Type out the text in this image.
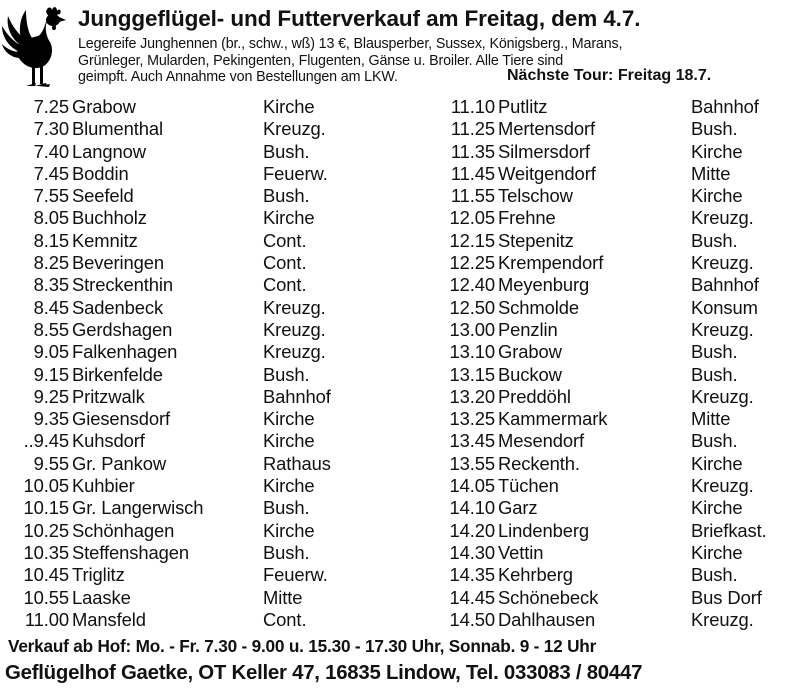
Junggeflügel- und Futterverkauf am Freitag, dem 4.7.
Legereife Junghennen (br., schw., wß) 13 €, Blausperber, Sussex, Königsberg., Marans,
Grünleger, Mularden, Pekingenten, Flugenten, Gänse u. Broiler. Alle Tiere sind
geimpft. Auch Annahme von Bestellungen am LKW.	Nächste Tour: Freitag 18.7.
7.25 Grabow	Kirche
7.30 Blumenthal	Kreuzg.
7.40 Langnow	Bush.
7.45 Boddin	Feuerw.
7.55 Seefeld	Bush.
8.05 Buchholz	Kirche
8.15 Kemnitz	Cont.
8.25 Beveringen	Cont.
8.35 Streckenthin	Cont.
8.45 Sadenbeck	Kreuzg.
8.55 Gerdshagen	Kreuzg.
9.05 Falkenhagen	Kreuzg.
9.15 Birkenfelde	Bush.
9.25 Pritzwalk	Bahnhof
9.35 Giesensdorf	Kirche
..9.45 Kuhsdorf	Kirche
9.55 Gr. Pankow	Rathaus
10.05 Kuhbier	Kirche
10.15 Gr. Langerwisch	Bush.
10.25 Schönhagen	Kirche
10.35 Steffenshagen	Bush.
10.45 Triglitz	Feuerw.
10.55 Laaske	Mitte
11.00 Mansfeld	Cont.
11.10 Putlitz	Bahnhof
11.25 Mertensdorf	Bush.
11.35 Silmersdorf	Kirche
11.45 Weitgendorf	Mitte
11.55 Telschow	Kirche
12.05 Frehne	Kreuzg.
12.15 Stepenitz	Bush.
12.25 Krempendorf	Kreuzg.
12.40 Meyenburg	Bahnhof
12.50 Schmolde	Konsum
13.00 Penzlin	Kreuzg.
13.10 Grabow	Bush.
13.15 Buckow	Bush.
13.20 Preddöhl	Kreuzg.
13.25 Kammermark	Mitte
13.45 Mesendorf	Bush.
13.55 Reckenth.	Kirche
14.05 Tüchen	Kreuzg.
14.10 Garz	Kirche
14.20 Lindenberg	Briefkast.
14.30 Vettin	Kirche
14.35 Kehrberg	Bush.
14.45 Schönebeck	Bus Dorf
14.50 Dahlhausen	Kreuzg.
Verkauf ab Hof: Mo. - Fr. 7.30 - 9.00 u. 15.30 - 17.30 Uhr, Sonnab. 9 - 12 Uhr
Geflügelhof Gaetke, OT Keller 47, 16835 Lindow, Tel. 033083 / 80447
